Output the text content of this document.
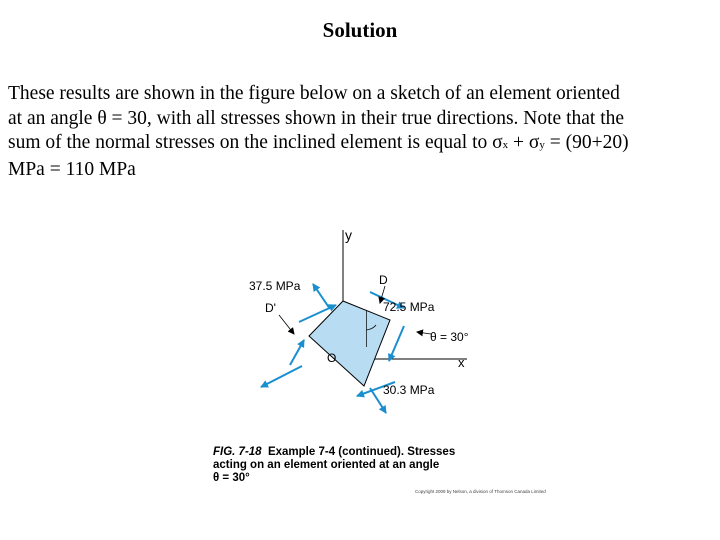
Solution
These results are shown in the figure below on a sketch of an element oriented
at an angle θ = 30, with all stresses shown in their true directions. Note that the
sum of the normal stresses on the inclined element is equal to σx + σy = (90+20)
MPa = 110 MPa
y
x
O
D
D'
37.5 MPa
72.5 MPa
30.3 MPa
θ = 30°
FIG. 7-18 Example 7-4 (continued). Stresses
acting on an element oriented at an angle
θ = 30°
Copyright 2009 by Nelson, a division of Thomson Canada Limited
